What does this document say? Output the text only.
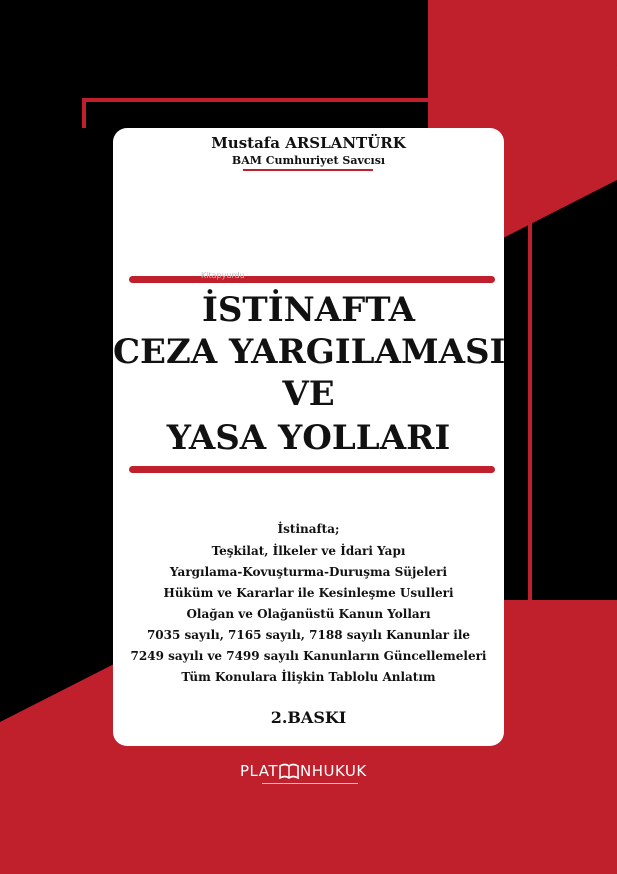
Mustafa ARSLANTÜRK
BAM Cumhuriyet Savcısı
Kitapyurdu
İSTİNAFTA
CEZA YARGILAMASI
VE
YASA YOLLARI
İstinafta;
Teşkilat, İlkeler ve İdari Yapı
Yargılama-Kovuşturma-Duruşma Süjeleri
Hüküm ve Kararlar ile Kesinleşme Usulleri
Olağan ve Olağanüstü Kanun Yolları
7035 sayılı, 7165 sayılı, 7188 sayılı Kanunlar ile
7249 sayılı ve 7499 sayılı Kanunların Güncellemeleri
Tüm Konulara İlişkin Tablolu Anlatım
2.BASKI
PLAT NHUKUK
